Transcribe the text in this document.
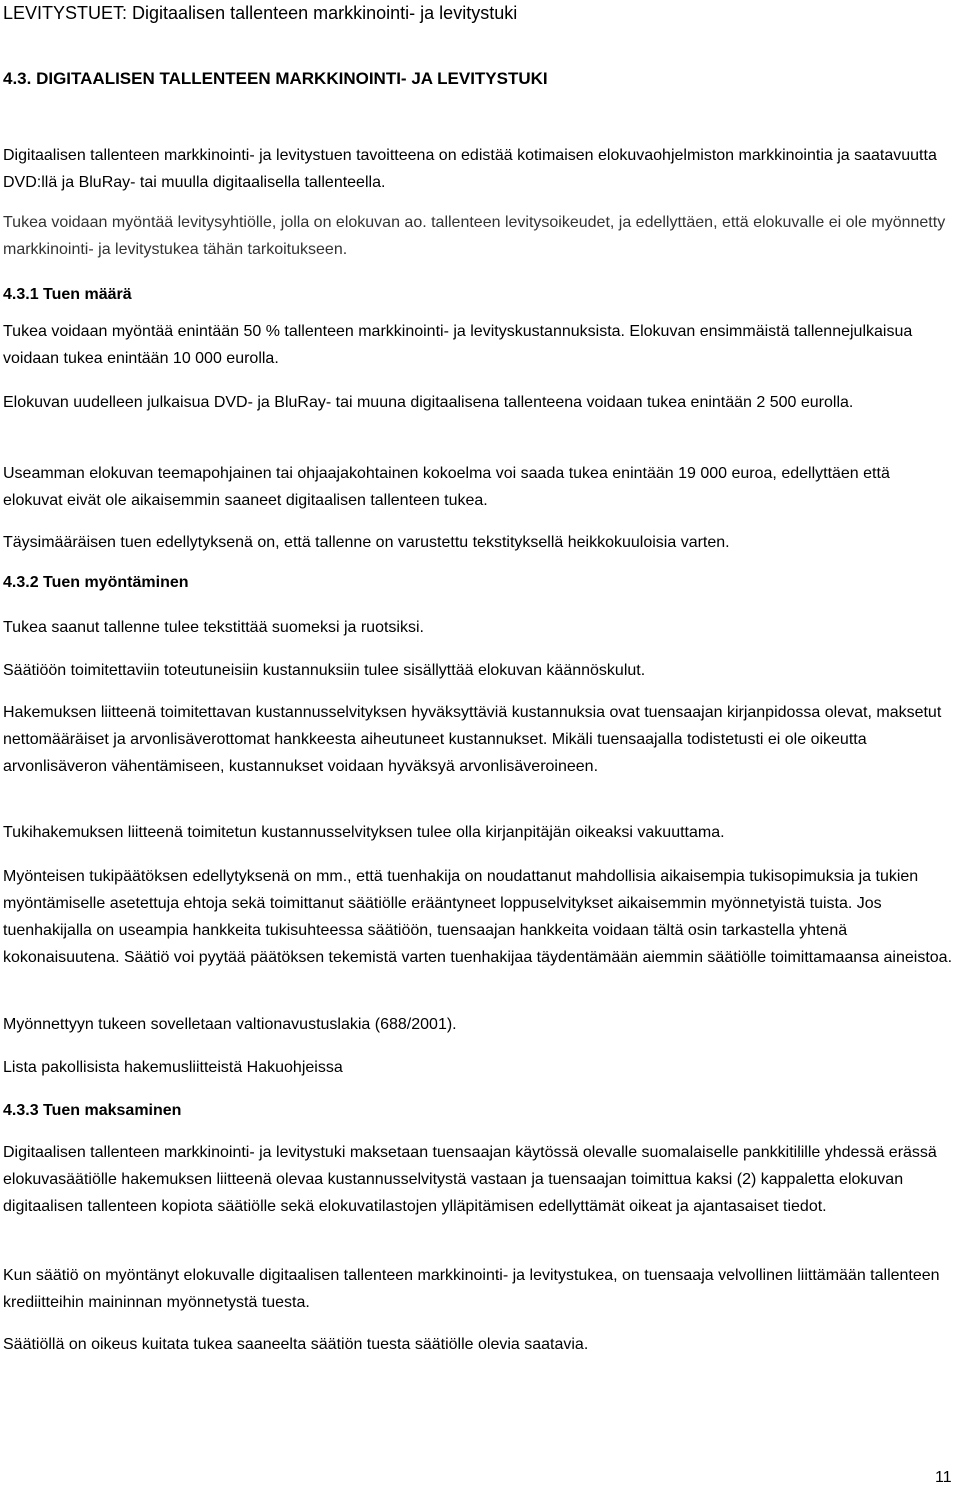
LEVITYSTUET: Digitaalisen tallenteen markkinointi- ja levitystuki
4.3. DIGITAALISEN TALLENTEEN MARKKINOINTI- JA LEVITYSTUKI

Digitaalisen tallenteen markkinointi- ja levitystuen tavoitteena on edistää kotimaisen elokuvaohjelmiston markkinointia ja saatavuutta DVD:llä ja BluRay- tai muulla digitaalisella tallenteella.

Tukea voidaan myöntää levitysyhtiölle, jolla on elokuvan ao. tallenteen levitysoikeudet, ja edellyttäen, että elokuvalle ei ole myönnetty markkinointi- ja levitystukea tähän tarkoitukseen.

4.3.1 Tuen määrä

Tukea voidaan myöntää enintään 50 % tallenteen markkinointi- ja levityskustannuksista. Elokuvan ensimmäistä tallennejulkaisua voidaan tukea enintään 10 000 eurolla.

Elokuvan uudelleen julkaisua DVD- ja BluRay- tai muuna digitaalisena tallenteena voidaan tukea enintään 2 500 eurolla.

Useamman elokuvan teemapohjainen tai ohjaajakohtainen kokoelma voi saada tukea enintään 19 000 euroa, edellyttäen että elokuvat eivät ole aikaisemmin saaneet digitaalisen tallenteen tukea.

Täysimääräisen tuen edellytyksenä on, että tallenne on varustettu tekstityksellä heikkokuuloisia varten.

4.3.2 Tuen myöntäminen

Tukea saanut tallenne tulee tekstittää suomeksi ja ruotsiksi.

Säätiöön toimitettaviin toteutuneisiin kustannuksiin tulee sisällyttää elokuvan käännöskulut.

Hakemuksen liitteenä toimitettavan kustannusselvityksen hyväksyttäviä kustannuksia ovat tuensaajan kirjanpidossa olevat, maksetut nettomääräiset ja arvonlisäverottomat hankkeesta aiheutuneet kustannukset. Mikäli tuensaajalla todistetusti ei ole oikeutta arvonlisäveron vähentämiseen, kustannukset voidaan hyväksyä arvonlisäveroineen.

Tukihakemuksen liitteenä toimitetun kustannusselvityksen tulee olla kirjanpitäjän oikeaksi vakuuttama.

Myönteisen tukipäätöksen edellytyksenä on mm., että tuenhakija on noudattanut mahdollisia aikaisempia tukisopimuksia ja tukien myöntämiselle asetettuja ehtoja sekä toimittanut säätiölle erääntyneet loppuselvitykset aikaisemmin myönnetyistä tuista. Jos tuenhakijalla on useampia hankkeita tukisuhteessa säätiöön, tuensaajan hankkeita voidaan tältä osin tarkastella yhtenä kokonaisuutena. Säätiö voi pyytää päätöksen tekemistä varten tuenhakijaa täydentämään aiemmin säätiölle toimittamaansa aineistoa.

Myönnettyyn tukeen sovelletaan valtionavustuslakia (688/2001).

Lista pakollisista hakemusliitteistä Hakuohjeissa

4.3.3 Tuen maksaminen

Digitaalisen tallenteen markkinointi- ja levitystuki maksetaan tuensaajan käytössä olevalle suomalaiselle pankkitilille yhdessä erässä elokuvasäätiölle hakemuksen liitteenä olevaa kustannusselvitystä vastaan ja tuensaajan toimittua kaksi (2) kappaletta elokuvan digitaalisen tallenteen kopiota säätiölle sekä elokuvatilastojen ylläpitämisen edellyttämät oikeat ja ajantasaiset tiedot.

Kun säätiö on myöntänyt elokuvalle digitaalisen tallenteen markkinointi- ja levitystukea, on tuensaaja velvollinen liittämään tallenteen krediitteihin maininnan myönnetystä tuesta.

Säätiöllä on oikeus kuitata tukea saaneelta säätiön tuesta säätiölle olevia saatavia.

11
